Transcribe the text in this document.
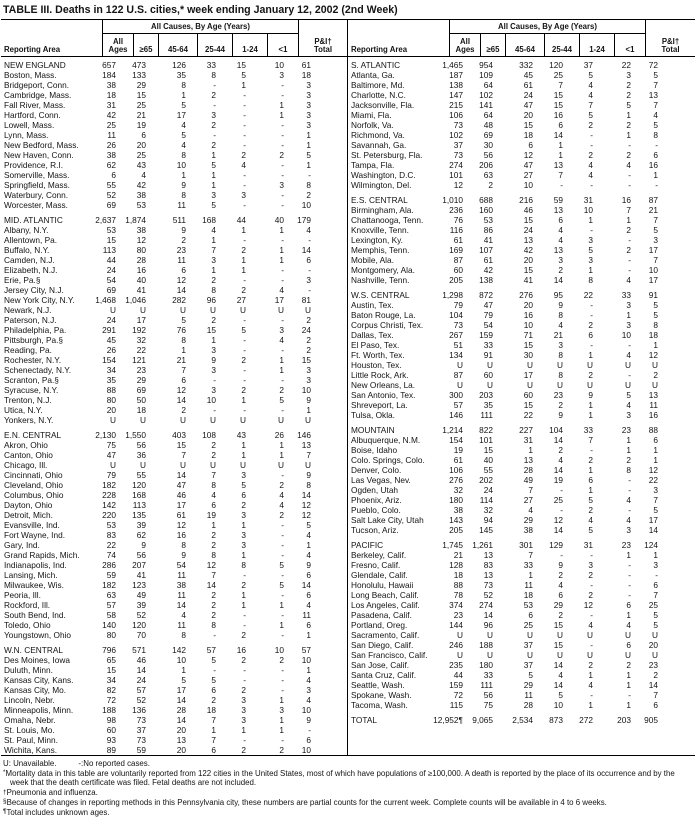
TABLE III. Deaths in 122 U.S. cities,* week ending January 12, 2002 (2nd Week)
Reporting Area
All Causes, By Age (Years)
All Ages	≥65	45-64	25-44	1-24	<1
P&I†
Total
NEW ENGLAND	657	473	126	33	15	10	61
Boston, Mass.	184	133	35	8	5	3	18
Bridgeport, Conn.	38	29	8	-	1	-	3
Cambridge, Mass.	18	15	1	2	-	-	3
Fall River, Mass.	31	25	5	-	-	1	3
Hartford, Conn.	42	21	17	3	-	1	3
Lowell, Mass.	25	19	4	2	-	-	3
Lynn, Mass.	11	6	5	-	-	-	1
New Bedford, Mass.	26	20	4	2	-	-	1
New Haven, Conn.	38	25	8	1	2	2	5
Providence, R.I.	62	43	10	5	4	-	1
Somerville, Mass.	6	4	1	1	-	-	-
Springfield, Mass.	55	42	9	1	-	3	8
Waterbury, Conn.	52	38	8	3	3	-	2
Worcester, Mass.	69	53	11	5	-	-	10
MID. ATLANTIC	2,637	1,874	511	168	44	40	179
Albany, N.Y.	53	38	9	4	1	1	4
Allentown, Pa.	15	12	2	1	-	-	-
Buffalo, N.Y.	113	80	23	7	2	1	14
Camden, N.J.	44	28	11	3	1	1	6
Elizabeth, N.J.	24	16	6	1	1	-	-
Erie, Pa.§	54	40	12	2	-	-	3
Jersey City, N.J.	69	41	14	8	2	4	-
New York City, N.Y.	1,468	1,046	282	96	27	17	81
Newark, N.J.	U	U	U	U	U	U	U
Paterson, N.J.	24	17	5	2	-	-	2
Philadelphia, Pa.	291	192	76	15	5	3	24
Pittsburgh, Pa.§	45	32	8	1	-	4	2
Reading, Pa.	26	22	1	3	-	-	2
Rochester, N.Y.	154	121	21	9	2	1	15
Schenectady, N.Y.	34	23	7	3	-	1	3
Scranton, Pa.§	35	29	6	-	-	-	3
Syracuse, N.Y.	88	69	12	3	2	2	10
Trenton, N.J.	80	50	14	10	1	5	9
Utica, N.Y.	20	18	2	-	-	-	1
Yonkers, N.Y.	U	U	U	U	U	U	U
E.N. CENTRAL	2,130	1,550	403	108	43	26	146
Akron, Ohio	75	56	15	2	1	1	13
Canton, Ohio	47	36	7	2	1	1	7
Chicago, Ill.	U	U	U	U	U	U	U
Cincinnati, Ohio	79	55	14	7	3	-	9
Cleveland, Ohio	182	120	47	8	5	2	8
Columbus, Ohio	228	168	46	4	6	4	14
Dayton, Ohio	142	113	17	6	2	4	12
Detroit, Mich.	220	135	61	19	3	2	12
Evansville, Ind.	53	39	12	1	1	-	5
Fort Wayne, Ind.	83	62	16	2	3	-	4
Gary, Ind.	22	9	8	2	3	-	1
Grand Rapids, Mich.	74	56	9	8	1	-	4
Indianapolis, Ind.	286	207	54	12	8	5	9
Lansing, Mich.	59	41	11	7	-	-	6
Milwaukee, Wis.	182	123	38	14	2	5	14
Peoria, Ill.	63	49	11	2	1	-	6
Rockford, Ill.	57	39	14	2	1	1	4
South Bend, Ind.	58	52	4	2	-	-	11
Toledo, Ohio	140	120	11	8	-	1	6
Youngstown, Ohio	80	70	8	-	2	-	1
W.N. CENTRAL	796	571	142	57	16	10	57
Des Moines, Iowa	65	46	10	5	2	2	10
Duluth, Minn.	15	14	1	-	-	-	1
Kansas City, Kans.	34	24	5	5	-	-	4
Kansas City, Mo.	82	57	17	6	2	-	3
Lincoln, Nebr.	72	52	14	2	3	1	4
Minneapolis, Minn.	188	136	28	18	3	3	10
Omaha, Nebr.	98	73	14	7	3	1	9
St. Louis, Mo.	60	37	20	1	1	1	-
St. Paul, Minn.	93	73	13	7	-	-	6
Wichita, Kans.	89	59	20	6	2	2	10
Reporting Area
All Causes, By Age (Years)
All Ages	≥65	45-64	25-44	1-24	<1
P&I†
Total
S. ATLANTIC	1,465	954	332	120	37	22	72
Atlanta, Ga.	187	109	45	25	5	3	5
Baltimore, Md.	138	64	61	7	4	2	7
Charlotte, N.C.	147	102	24	15	4	2	13
Jacksonville, Fla.	215	141	47	15	7	5	7
Miami, Fla.	106	64	20	16	5	1	4
Norfolk, Va.	73	48	15	6	2	2	5
Richmond, Va.	102	69	18	14	-	1	8
Savannah, Ga.	37	30	6	1	-	-	-
St. Petersburg, Fla.	73	56	12	1	2	2	6
Tampa, Fla.	274	206	47	13	4	4	16
Washington, D.C.	101	63	27	7	4	-	1
Wilmington, Del.	12	2	10	-	-	-	-
E.S. CENTRAL	1,010	688	216	59	31	16	87
Birmingham, Ala.	236	160	46	13	10	7	21
Chattanooga, Tenn.	76	53	15	6	1	1	7
Knoxville, Tenn.	116	86	24	4	-	2	5
Lexington, Ky.	61	41	13	4	3	-	3
Memphis, Tenn.	169	107	42	13	5	2	17
Mobile, Ala.	87	61	20	3	3	-	7
Montgomery, Ala.	60	42	15	2	1	-	10
Nashville, Tenn.	205	138	41	14	8	4	17
W.S. CENTRAL	1,298	872	276	95	22	33	91
Austin, Tex.	79	47	20	9	-	3	5
Baton Rouge, La.	104	79	16	8	-	1	5
Corpus Christi, Tex.	73	54	10	4	2	3	8
Dallas, Tex.	267	159	71	21	6	10	18
El Paso, Tex.	51	33	15	3	-	-	1
Ft. Worth, Tex.	134	91	30	8	1	4	12
Houston, Tex.	U	U	U	U	U	U	U
Little Rock, Ark.	87	60	17	8	2	-	2
New Orleans, La.	U	U	U	U	U	U	U
San Antonio, Tex.	300	203	60	23	9	5	13
Shreveport, La.	57	35	15	2	1	4	11
Tulsa, Okla.	146	111	22	9	1	3	16
MOUNTAIN	1,214	822	227	104	33	23	88
Albuquerque, N.M.	154	101	31	14	7	1	6
Boise, Idaho	19	15	1	2	-	1	1
Colo. Springs, Colo.	61	40	13	4	2	2	1
Denver, Colo.	106	55	28	14	1	8	12
Las Vegas, Nev.	276	202	49	19	6	-	22
Ogden, Utah	32	24	7	-	1	-	3
Phoenix, Ariz.	180	114	27	25	5	4	7
Pueblo, Colo.	38	32	4	-	2	-	5
Salt Lake City, Utah	143	94	29	12	4	4	17
Tucson, Ariz.	205	145	38	14	5	3	14
PACIFIC	1,745	1,261	301	129	31	23	124
Berkeley, Calif.	21	13	7	-	-	1	1
Fresno, Calif.	128	83	33	9	3	-	3
Glendale, Calif.	18	13	1	2	2	-	-
Honolulu, Hawaii	88	73	11	4	-	-	6
Long Beach, Calif.	78	52	18	6	2	-	7
Los Angeles, Calif.	374	274	53	29	12	6	25
Pasadena, Calif.	23	14	6	2	-	1	5
Portland, Oreg.	144	96	25	15	4	4	5
Sacramento, Calif.	U	U	U	U	U	U	U
San Diego, Calif.	246	188	37	15	-	6	20
San Francisco, Calif.	U	U	U	U	U	U	U
San Jose, Calif.	235	180	37	14	2	2	23
Santa Cruz, Calif.	44	33	5	4	1	1	2
Seattle, Wash.	159	111	29	14	4	1	14
Spokane, Wash.	72	56	11	5	-	-	7
Tacoma, Wash.	115	75	28	10	1	1	6
TOTAL	12,952¶	9,065	2,534	873	272	203	905
U: Unavailable.          -:No reported cases.
*Mortality data in this table are voluntarily reported from 122 cities in the United States, most of which have populations of ≥100,000. A death is reported by the place of its occurrence and by the week that the death certificate was filed. Fetal deaths are not included.
†Pneumonia and influenza.
§Because of changes in reporting methods in this Pennsylvania city, these numbers are partial counts for the current week. Complete counts will be available in 4 to 6 weeks.
¶Total includes unknown ages.
